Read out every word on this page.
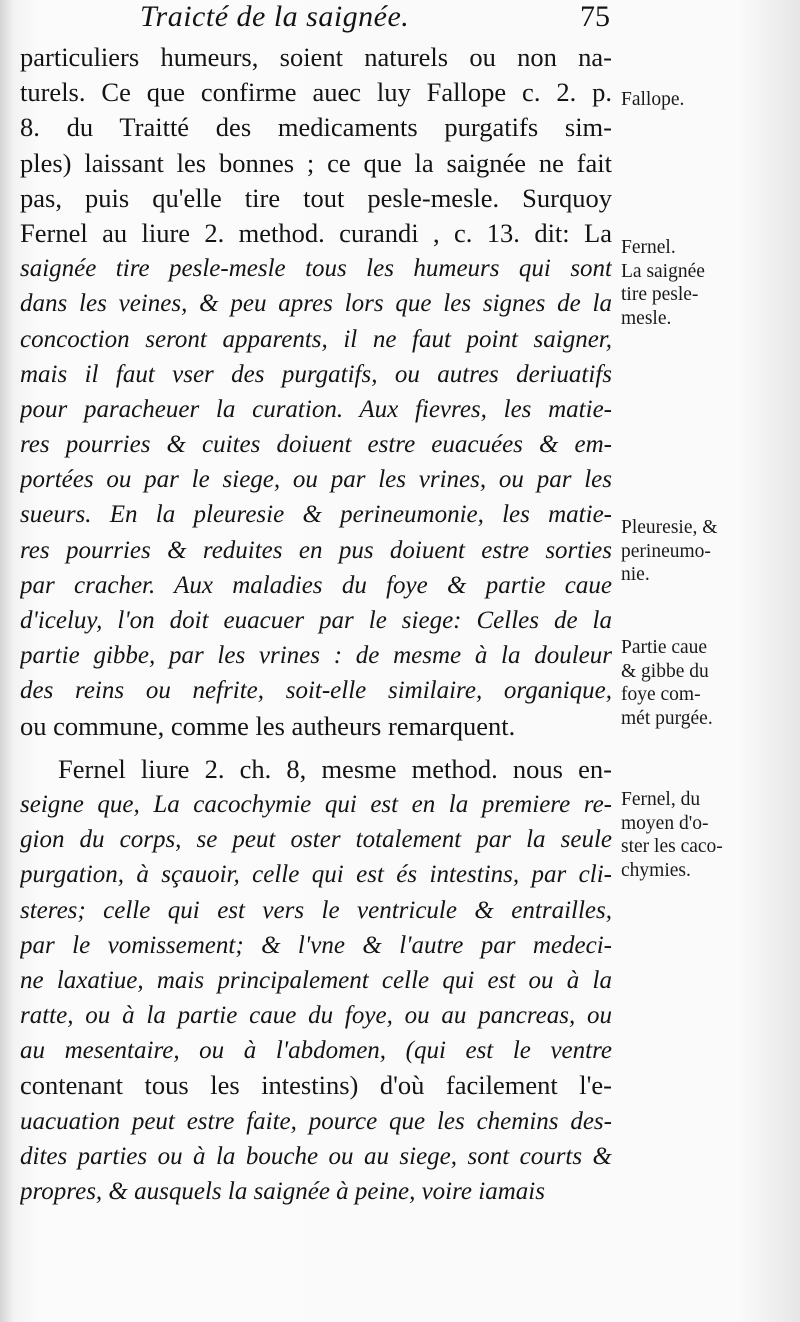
Traicté de la saignée.	75
particuliers humeurs, soient naturels ou non na-
turels. Ce que confirme auec luy Fallope c. 2. p.
8. du Traitté des medicaments purgatifs sim-
ples) laissant les bonnes ; ce que la saignée ne fait
pas, puis qu'elle tire tout pesle-mesle. Surquoy
Fernel au liure 2. method. curandi , c. 13. dit: La
saignée tire pesle-mesle tous les humeurs qui sont
dans les veines, & peu apres lors que les signes de la
concoction seront apparents, il ne faut point saigner,
mais il faut vser des purgatifs, ou autres deriuatifs
pour paracheuer la curation. Aux fievres, les matie-
res pourries & cuites doiuent estre euacuées & em-
portées ou par le siege, ou par les vrines, ou par les
sueurs. En la pleuresie & perineumonie, les matie-
res pourries & reduites en pus doiuent estre sorties
par cracher. Aux maladies du foye & partie caue
d'iceluy, l'on doit euacuer par le siege: Celles de la
partie gibbe, par les vrines : de mesme à la douleur
des reins ou nefrite, soit-elle similaire, organique,
ou commune, comme les autheurs remarquent.
Fernel liure 2. ch. 8, mesme method. nous en-
seigne que, La cacochymie qui est en la premiere re-
gion du corps, se peut oster totalement par la seule
purgation, à sçauoir, celle qui est és intestins, par cli-
steres; celle qui est vers le ventricule & entrailles,
par le vomissement; & l'vne & l'autre par medeci-
ne laxatiue, mais principalement celle qui est ou à la
ratte, ou à la partie caue du foye, ou au pancreas, ou
au mesentaire, ou à l'abdomen, (qui est le ventre
contenant tous les intestins) d'où facilement l'e-
uacuation peut estre faite, pource que les chemins des-
dites parties ou à la bouche ou au siege, sont courts &
propres, & ausquels la saignée à peine, voire iamais
Fallope.
Fernel.
La saignée
tire pesle-
mesle.
Pleuresie, &
perineumo-
nie.
Partie caue
& gibbe du
foye com-
mét purgée.
Fernel, du
moyen d'o-
ster les caco-
chymies.
